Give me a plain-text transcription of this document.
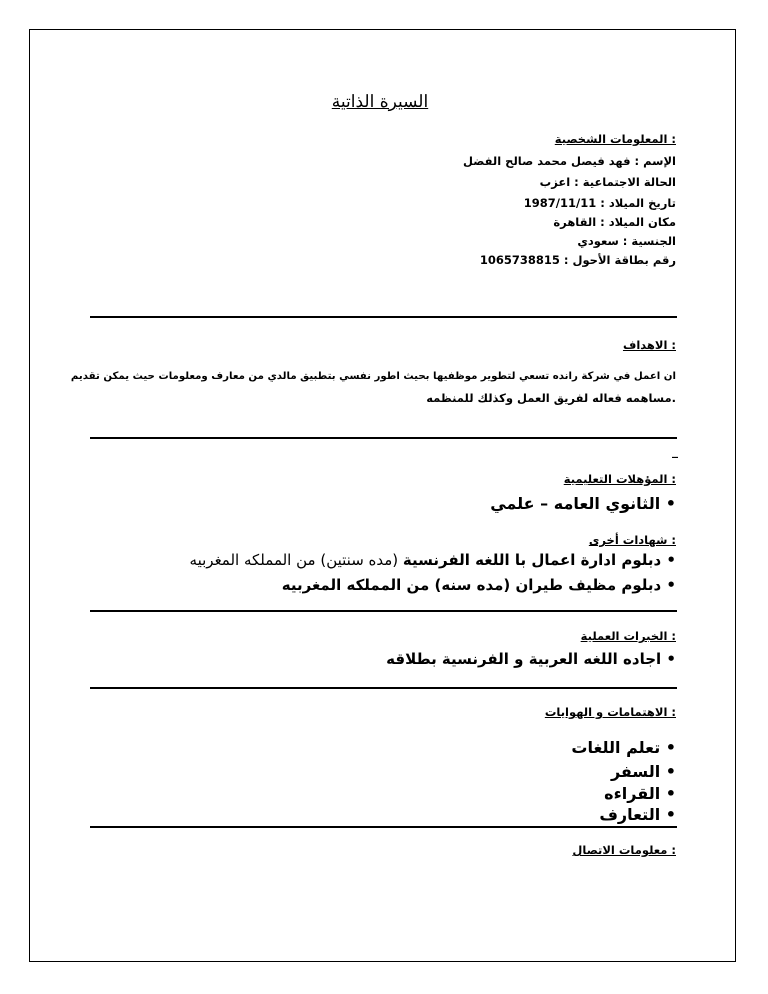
السيرة الذاتية
: المعلومات الشخصية
الإسم : فهد فيصل محمد صالح الفضل
الحالة الاجتماعية : اعزب
تاريخ الميلاد : 1987/11/11
مكان الميلاد : القاهرة
الجنسية : سعودي
رقم بطاقة الأحول : 1065738815
: الاهداف
ان اعمل في شركة رانده تسعي لتطوير موظفيها بحيث اطور نفسي بتطبيق مالدي من معارف ومعلومات حيث يمكن تقديم
.مساهمه فعاله لفريق العمل وكذلك للمنظمه
_
: المؤهلات التعليمية
• الثانوي العامه – علمي
: شهادات أخرى
• دبلوم ادارة اعمال با اللغه الفرنسية (مده سنتين) من المملكه المغربيه
• دبلوم مظيف طيران (مده سنه) من المملكه المغربيه
: الخبرات العملية
• اجاده اللغه العربية و الفرنسية بطلاقه
: الاهتمامات و الهوايات
• تعلم اللغات
• السفر
• القراءه
• التعارف
: معلومات الاتصال
